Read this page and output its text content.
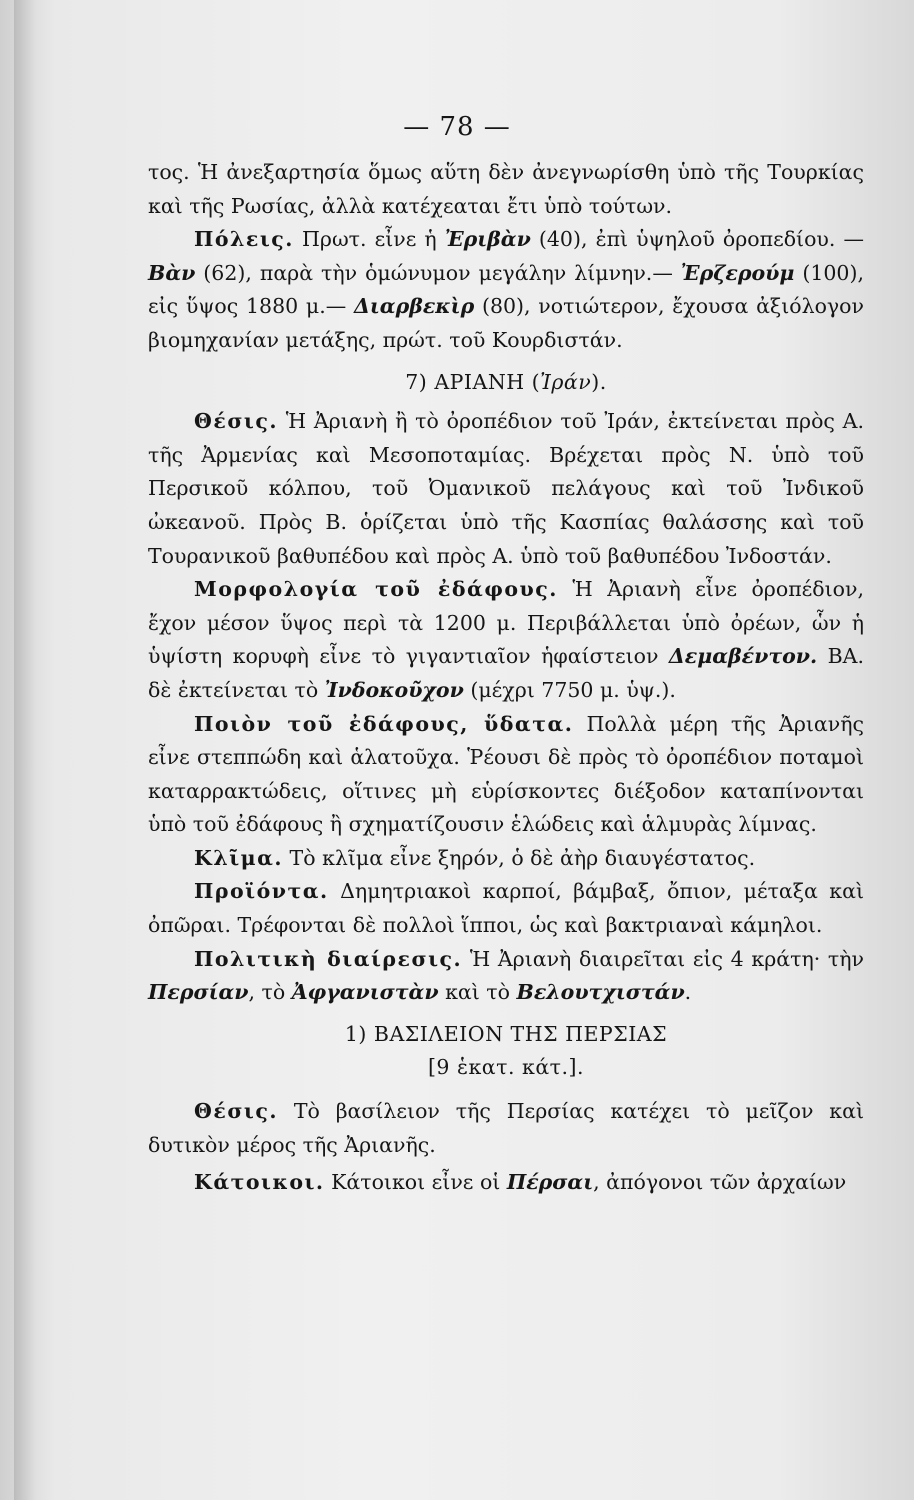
— 78 —

τος. Ἡ ἀνεξαρτησία ὅμως αὕτη δὲν ἀνεγνωρίσθη ὑπὸ τῆς Τουρκίας καὶ τῆς Ρωσίας, ἀλλὰ κατέχεαται ἔτι ὑπὸ τούτων.

Πόλεις. Πρωτ. εἶνε ἡ Ἐριβὰν (40), ἐπὶ ὑψηλοῦ ὀροπεδίου. —Βὰν (62), παρὰ τὴν ὁμώνυμον μεγάλην λίμνην.— Ἐρζερούμ (100), εἰς ὕψος 1880 μ.— Διαρβεκὶρ (80), νοτιώτερον, ἔχουσα ἀξιόλογον βιομηχανίαν μετάξης, πρώτ. τοῦ Κουρδιστάν.

7) ΑΡΙΑΝΗ (Ἰράν).

Θέσις. Ἡ Ἀριανὴ ἢ τὸ ὀροπέδιον τοῦ Ἰράν, ἐκτείνεται πρὸς Α. τῆς Ἀρμενίας καὶ Μεσοποταμίας. Βρέχεται πρὸς Ν. ὑπὸ τοῦ Περσικοῦ κόλπου, τοῦ Ὀμανικοῦ πελάγους καὶ τοῦ Ἰνδικοῦ ὠκεανοῦ. Πρὸς Β. ὁρίζεται ὑπὸ τῆς Κασπίας θαλάσσης καὶ τοῦ Τουρανικοῦ βαθυπέδου καὶ πρὸς Α. ὑπὸ τοῦ βαθυπέδου Ἰνδοστάν.

Μορφολογία τοῦ ἐδάφους. Ἡ Ἀριανὴ εἶνε ὀροπέδιον, ἔχον μέσον ὕψος περὶ τὰ 1200 μ. Περιβάλλεται ὑπὸ ὀρέων, ὧν ἡ ὑψίστη κορυφὴ εἶνε τὸ γιγαντιαῖον ἡφαίστειον Δεμαβέντον. ΒΑ. δὲ ἐκτείνεται τὸ Ἰνδοκοῦχον (μέχρι 7750 μ. ὑψ.).

Ποιὸν τοῦ ἐδάφους, ὕδατα. Πολλὰ μέρη τῆς Ἀριανῆς εἶνε στεππώδη καὶ ἁλατοῦχα. Ῥέουσι δὲ πρὸς τὸ ὀροπέδιον ποταμοὶ καταρρακτώδεις, οἵτινες μὴ εὑρίσκοντες διέξοδον καταπίνονται ὑπὸ τοῦ ἐδάφους ἢ σχηματίζουσιν ἑλώδεις καὶ ἁλμυρὰς λίμνας.

Κλῖμα. Τὸ κλῖμα εἶνε ξηρόν, ὁ δὲ ἀὴρ διαυγέστατος.

Προϊόντα. Δημητριακοὶ καρποί, βάμβαξ, ὄπιον, μέταξα καὶ ὀπῶραι. Τρέφονται δὲ πολλοὶ ἵπποι, ὡς καὶ βακτριαναὶ κάμηλοι.

Πολιτικὴ διαίρεσις. Ἡ Ἀριανὴ διαιρεῖται εἰς 4 κράτη· τὴν Περσίαν, τὸ Ἀφγανιστὰν καὶ τὸ Βελουτχιστάν.

1) ΒΑΣΙΛΕΙΟΝ ΤΗΣ ΠΕΡΣΙΑΣ

[9 ἑκατ. κάτ.].

Θέσις. Τὸ βασίλειον τῆς Περσίας κατέχει τὸ μεῖζον καὶ δυτικὸν μέρος τῆς Ἀριανῆς.

Κάτοικοι. Κάτοικοι εἶνε οἱ Πέρσαι, ἀπόγονοι τῶν ἀρχαίων
